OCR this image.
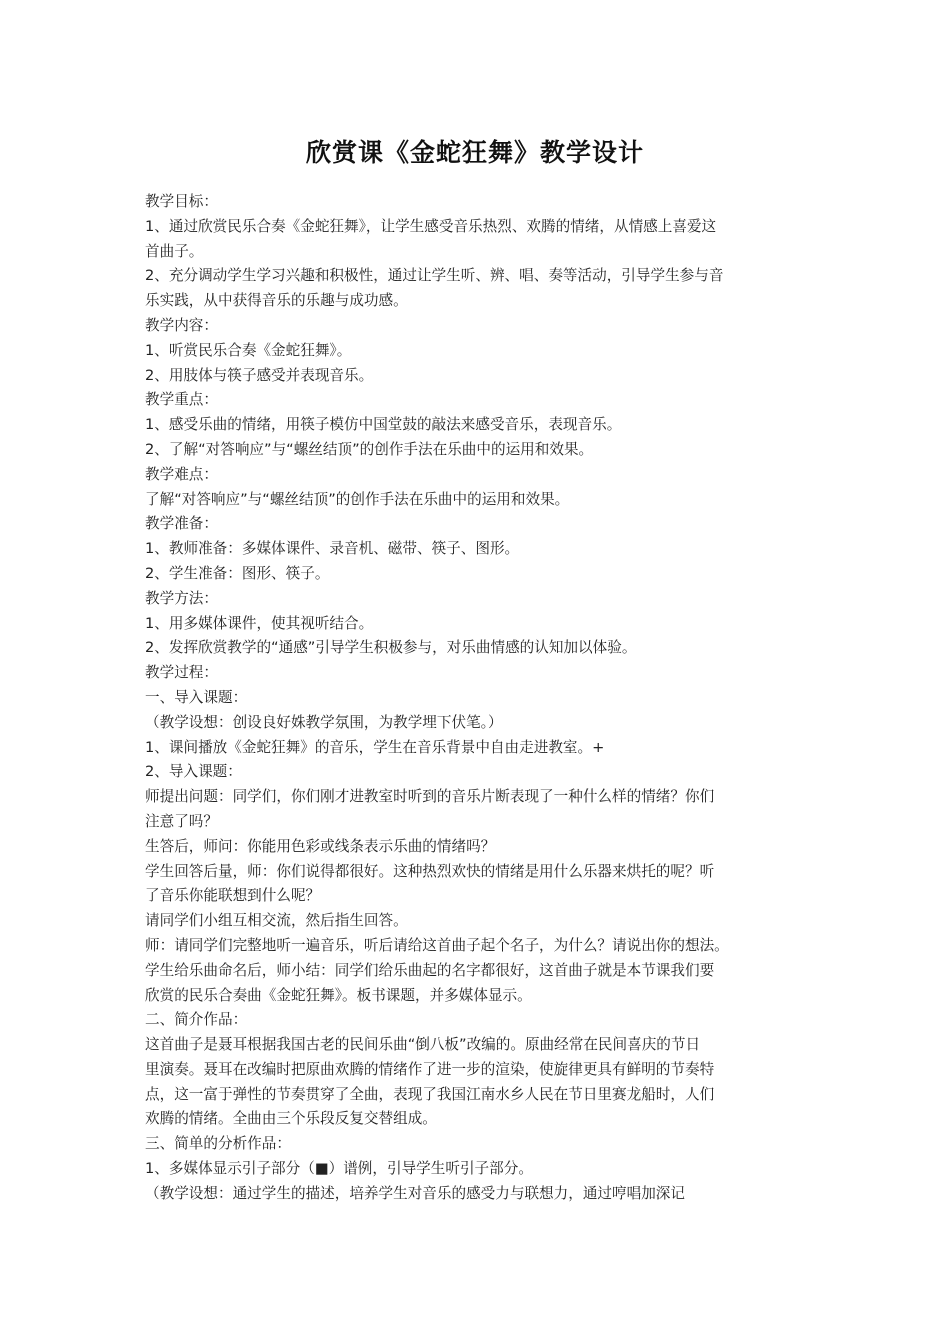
欣赏课《金蛇狂舞》教学设计
教学目标：
1、通过欣赏民乐合奏《金蛇狂舞》，让学生感受音乐热烈、欢腾的情绪，从情感上喜爱这
首曲子。
2、充分调动学生学习兴趣和积极性，通过让学生听、辨、唱、奏等活动，引导学生参与音
乐实践，从中获得音乐的乐趣与成功感。
教学内容：
1、听赏民乐合奏《金蛇狂舞》。
2、用肢体与筷子感受并表现音乐。
教学重点：
1、感受乐曲的情绪，用筷子模仿中国堂鼓的敲法来感受音乐，表现音乐。
2、了解“对答响应”与“螺丝结顶”的创作手法在乐曲中的运用和效果。
教学难点：
了解“对答响应”与“螺丝结顶”的创作手法在乐曲中的运用和效果。
教学准备：
1、教师准备：多媒体课件、录音机、磁带、筷子、图形。
2、学生准备：图形、筷子。
教学方法：
1、用多媒体课件，使其视听结合。
2、发挥欣赏教学的“通感”引导学生积极参与，对乐曲情感的认知加以体验。
教学过程：
一、导入课题：
（教学设想：创设良好姝教学氛围，为教学埋下伏笔。）
1、课间播放《金蛇狂舞》的音乐，学生在音乐背景中自由走进教室。+
2、导入课题：
师提出问题：同学们，你们刚才进教室时听到的音乐片断表现了一种什么样的情绪？你们
注意了吗？
生答后，师问：你能用色彩或线条表示乐曲的情绪吗？
学生回答后量，师：你们说得都很好。这种热烈欢快的情绪是用什么乐器来烘托的呢？听
了音乐你能联想到什么呢？
请同学们小组互相交流，然后指生回答。
师：请同学们完整地听一遍音乐，听后请给这首曲子起个名子，为什么？请说出你的想法。
学生给乐曲命名后，师小结：同学们给乐曲起的名字都很好，这首曲子就是本节课我们要
欣赏的民乐合奏曲《金蛇狂舞》。板书课题，并多媒体显示。
二、简介作品：
这首曲子是聂耳根据我国古老的民间乐曲“倒八板”改编的。原曲经常在民间喜庆的节日
里演奏。聂耳在改编时把原曲欢腾的情绪作了进一步的渲染，使旋律更具有鲜明的节奏特
点，这一富于弹性的节奏贯穿了全曲，表现了我国江南水乡人民在节日里赛龙船时，人们
欢腾的情绪。全曲由三个乐段反复交替组成。
三、简单的分析作品：
1、多媒体显示引子部分（■）谱例，引导学生听引子部分。
（教学设想：通过学生的描述，培养学生对音乐的感受力与联想力，通过哼唱加深记
